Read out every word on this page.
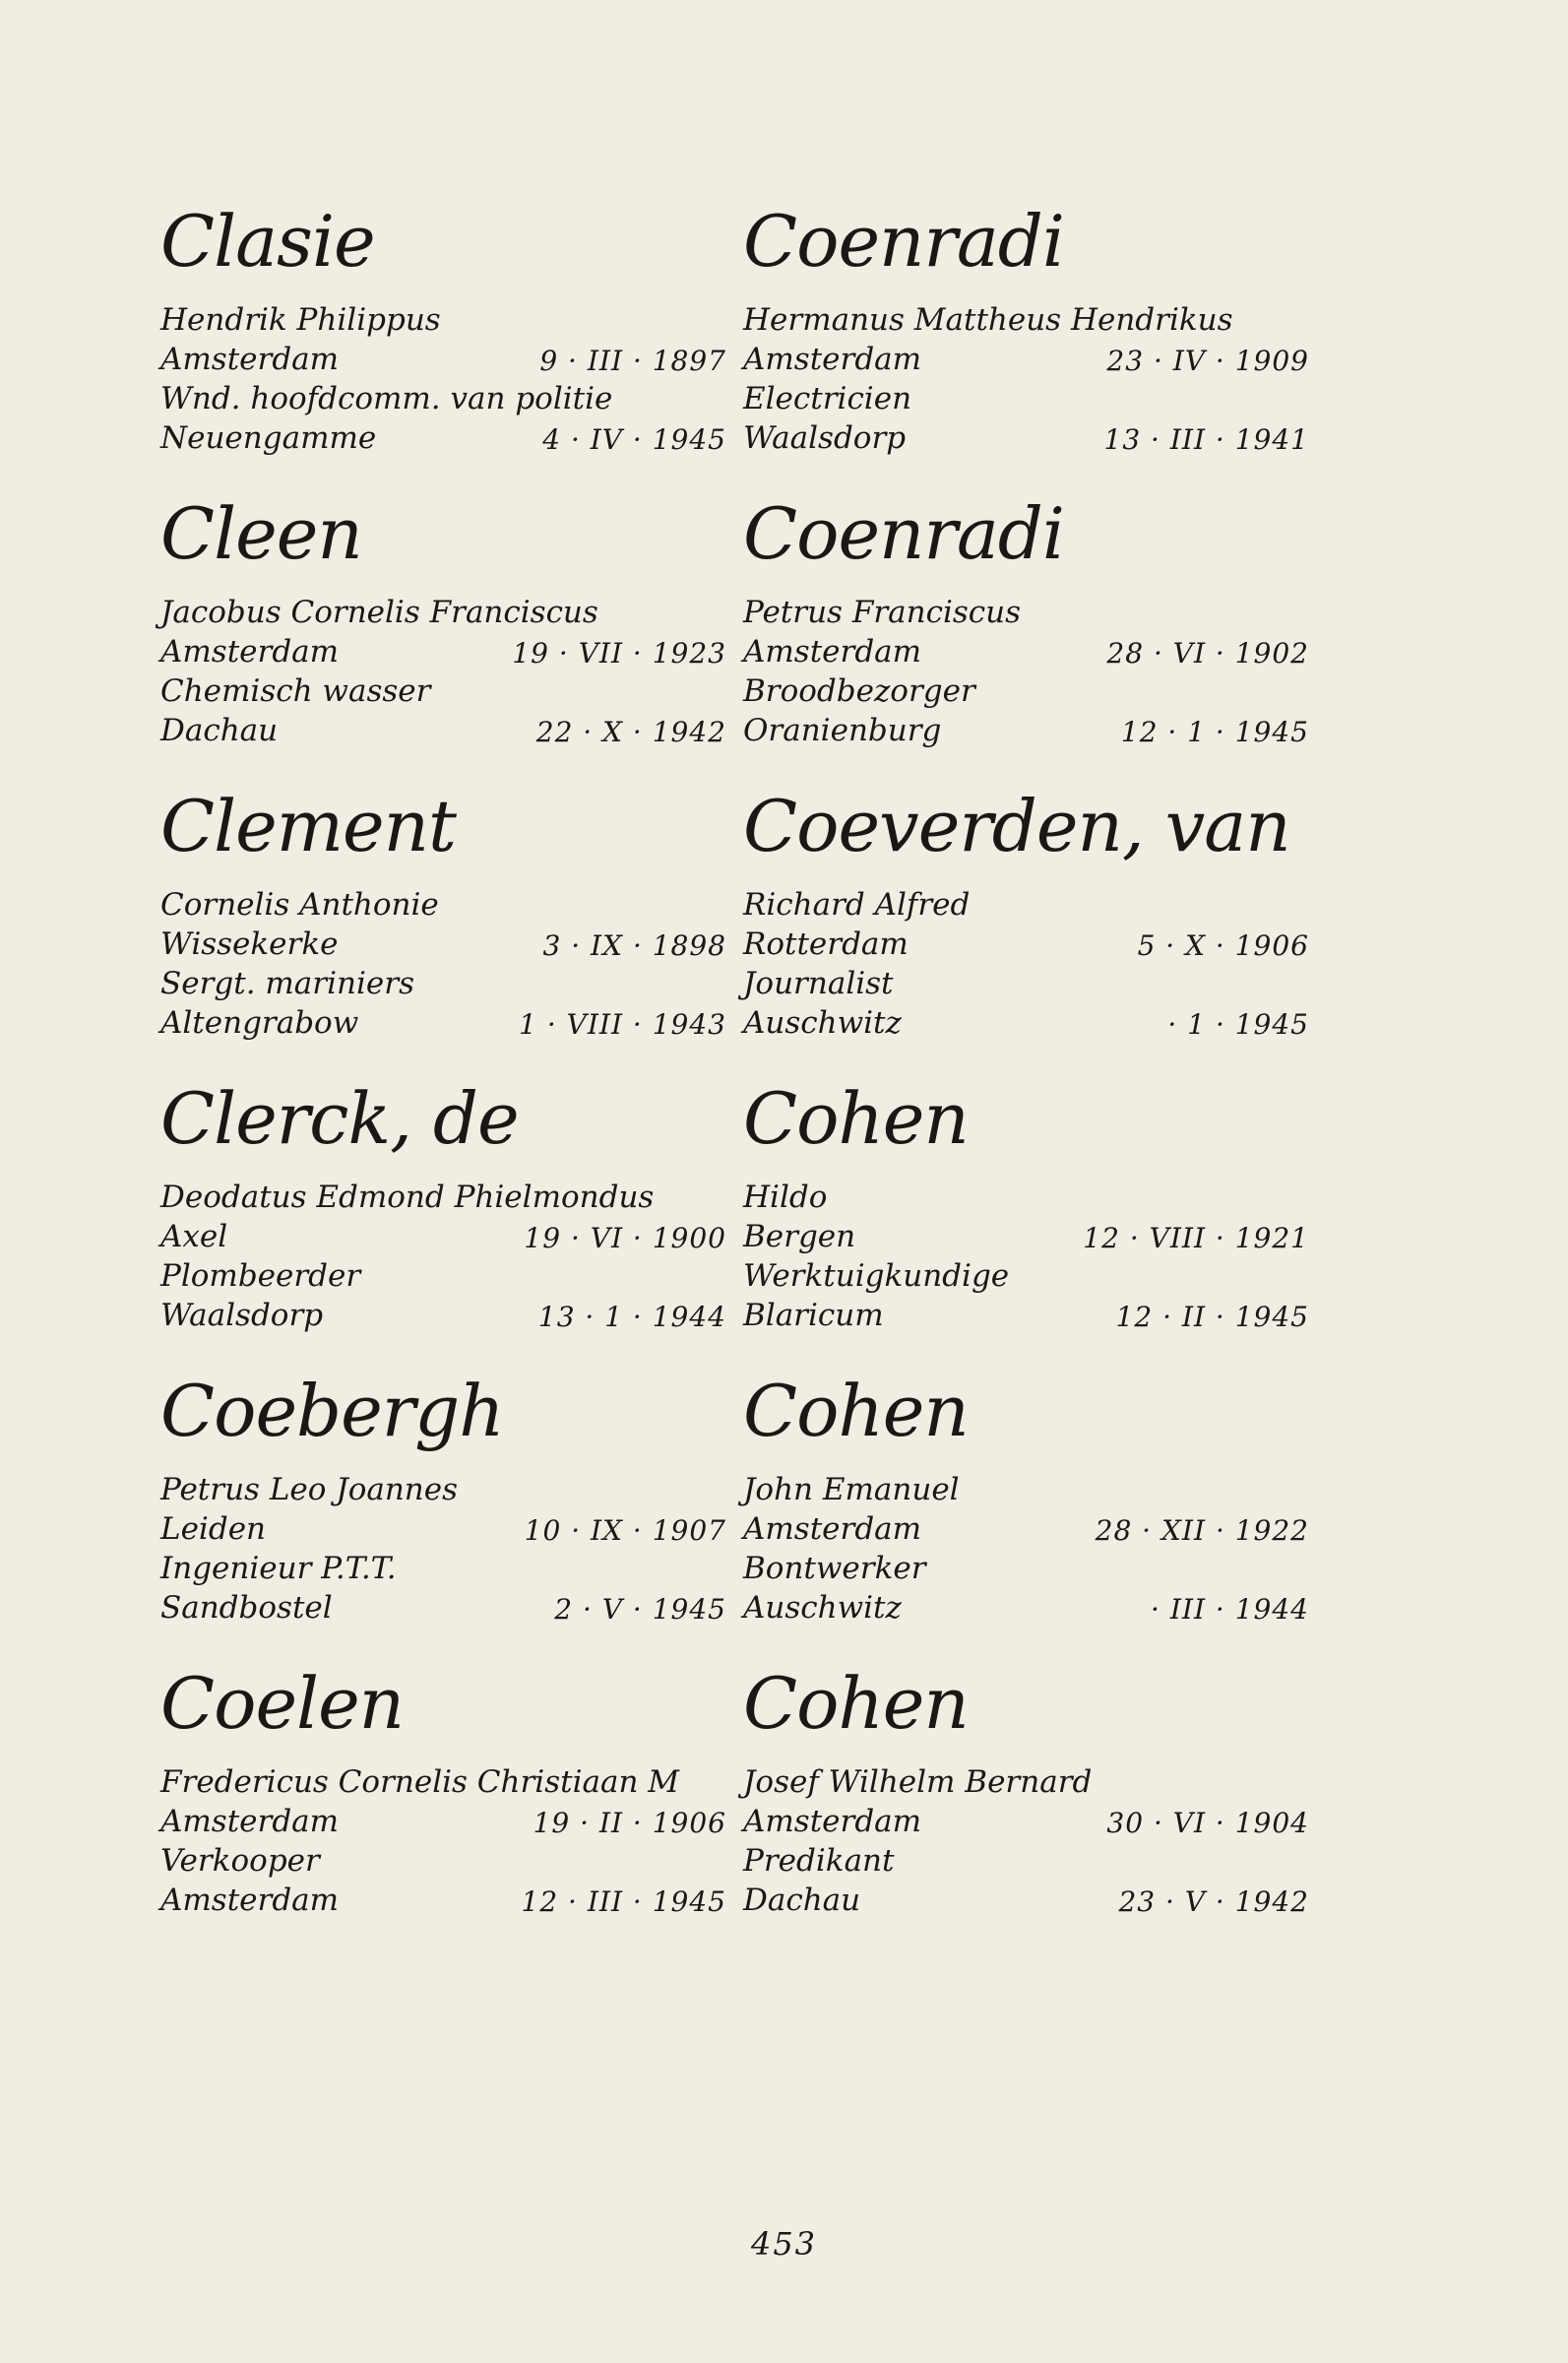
Clasie
Hendrik Philippus
Amsterdam	9 · III · 1897
Wnd. hoofdcomm. van politie
Neuengamme	4 · IV · 1945
Cleen
Jacobus Cornelis Franciscus
Amsterdam	19 · VII · 1923
Chemisch wasser
Dachau	22 · X · 1942
Clement
Cornelis Anthonie
Wissekerke	3 · IX · 1898
Sergt. mariniers
Altengrabow	1 · VIII · 1943
Clerck, de
Deodatus Edmond Phielmondus
Axel	19 · VI · 1900
Plombeerder
Waalsdorp	13 · 1 · 1944
Coebergh
Petrus Leo Joannes
Leiden	10 · IX · 1907
Ingenieur P.T.T.
Sandbostel	2 · V · 1945
Coelen
Fredericus Cornelis Christiaan M
Amsterdam	19 · II · 1906
Verkooper
Amsterdam	12 · III · 1945
Coenradi
Hermanus Mattheus Hendrikus
Amsterdam	23 · IV · 1909
Electricien
Waalsdorp	13 · III · 1941
Coenradi
Petrus Franciscus
Amsterdam	28 · VI · 1902
Broodbezorger
Oranienburg	12 · 1 · 1945
Coeverden, van
Richard Alfred
Rotterdam	5 · X · 1906
Journalist
Auschwitz	· 1 · 1945
Cohen
Hildo
Bergen	12 · VIII · 1921
Werktuigkundige
Blaricum	12 · II · 1945
Cohen
John Emanuel
Amsterdam	28 · XII · 1922
Bontwerker
Auschwitz	· III · 1944
Cohen
Josef Wilhelm Bernard
Amsterdam	30 · VI · 1904
Predikant
Dachau	23 · V · 1942
453
